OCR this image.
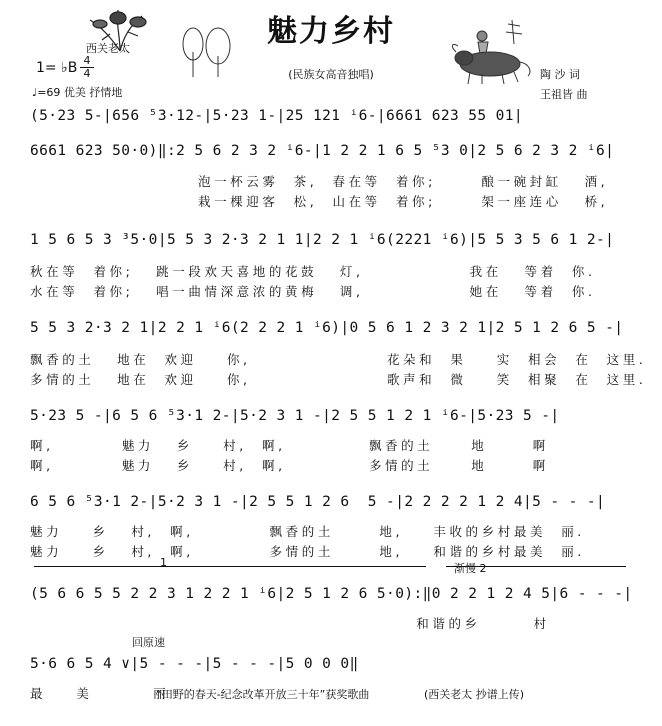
西关老太	魅力乡村
(民族女高音独唱)
1= ♭B 4
4
♩=69 优美 抒情地
陶 沙 词
王祖皆 曲
(5·23 5-|656 ⁵3·12-|5·23 1-|25 121 ⁱ6-|6661 623 55 01|
6661 623 50·0)‖:2 5 6 2 3 2 ⁱ6-|1 2 2 1 6 5 ⁵3 0|2 5 6 2 3 2 ⁱ6|
泡一杯云雾  茶,  春在等  着你;      酿一碗封缸   酒,
栽一棵迎客  松,  山在等  着你;      架一座连心   桥,
1 5 6 5 3 ³5·0|5 5 3 2·3 2 1 1|2 2 1 ⁱ6(2221 ⁱ6)|5 5 3 5 6 1 2-|
秋在等  着你;   跳一段欢天喜地的花鼓   灯,              我在   等着  你.
水在等  着你;   唱一曲情深意浓的黄梅   调,              她在   等着  你.
5 5 3 2·3 2 1|2 2 1 ⁱ6(2 2 2 1 ⁱ6)|0 5 6 1 2 3 2 1|2 5 1 2 6 5 -|
飘香的土   地在  欢迎    你,                  花朵和  果    实  相会  在  这里.
多情的土   地在  欢迎    你,                  歌声和  微    笑  相聚  在  这里.
5·23 5 -|6 5 6 ⁵3·1 2-|5·2 3 1 -|2 5 5 1 2 1 ⁱ6-|5·23 5 -|
啊,         魅力   乡    村,  啊,           飘香的土     地      啊
啊,         魅力   乡    村,  啊,           多情的土     地      啊
6 5 6 ⁵3·1 2-|5·2 3 1 -|2 5 5 1 2 6  5 -|2 2 2 2 1 2 4|5 - - -|
魅力    乡   村,  啊,          飘香的土      地,    丰收的乡村最美  丽.
魅力    乡   村,  啊,          多情的土      地,    和谐的乡村最美  丽.
1	渐慢 2
(5 6 6 5 5 2 2 3 1 2 2 1 ⁱ6|2 5 1 2 6 5·0):‖0 2 2 1 2 4 5|6 - - -|
和谐的乡       村
回原速
5·6 6 5 4 ∨|5 - - -|5 - - -|5 0 0 0‖
最    美        丽
“田野的春天-纪念改革开放三十年”获奖歌曲	(西关老太 抄谱上传)
